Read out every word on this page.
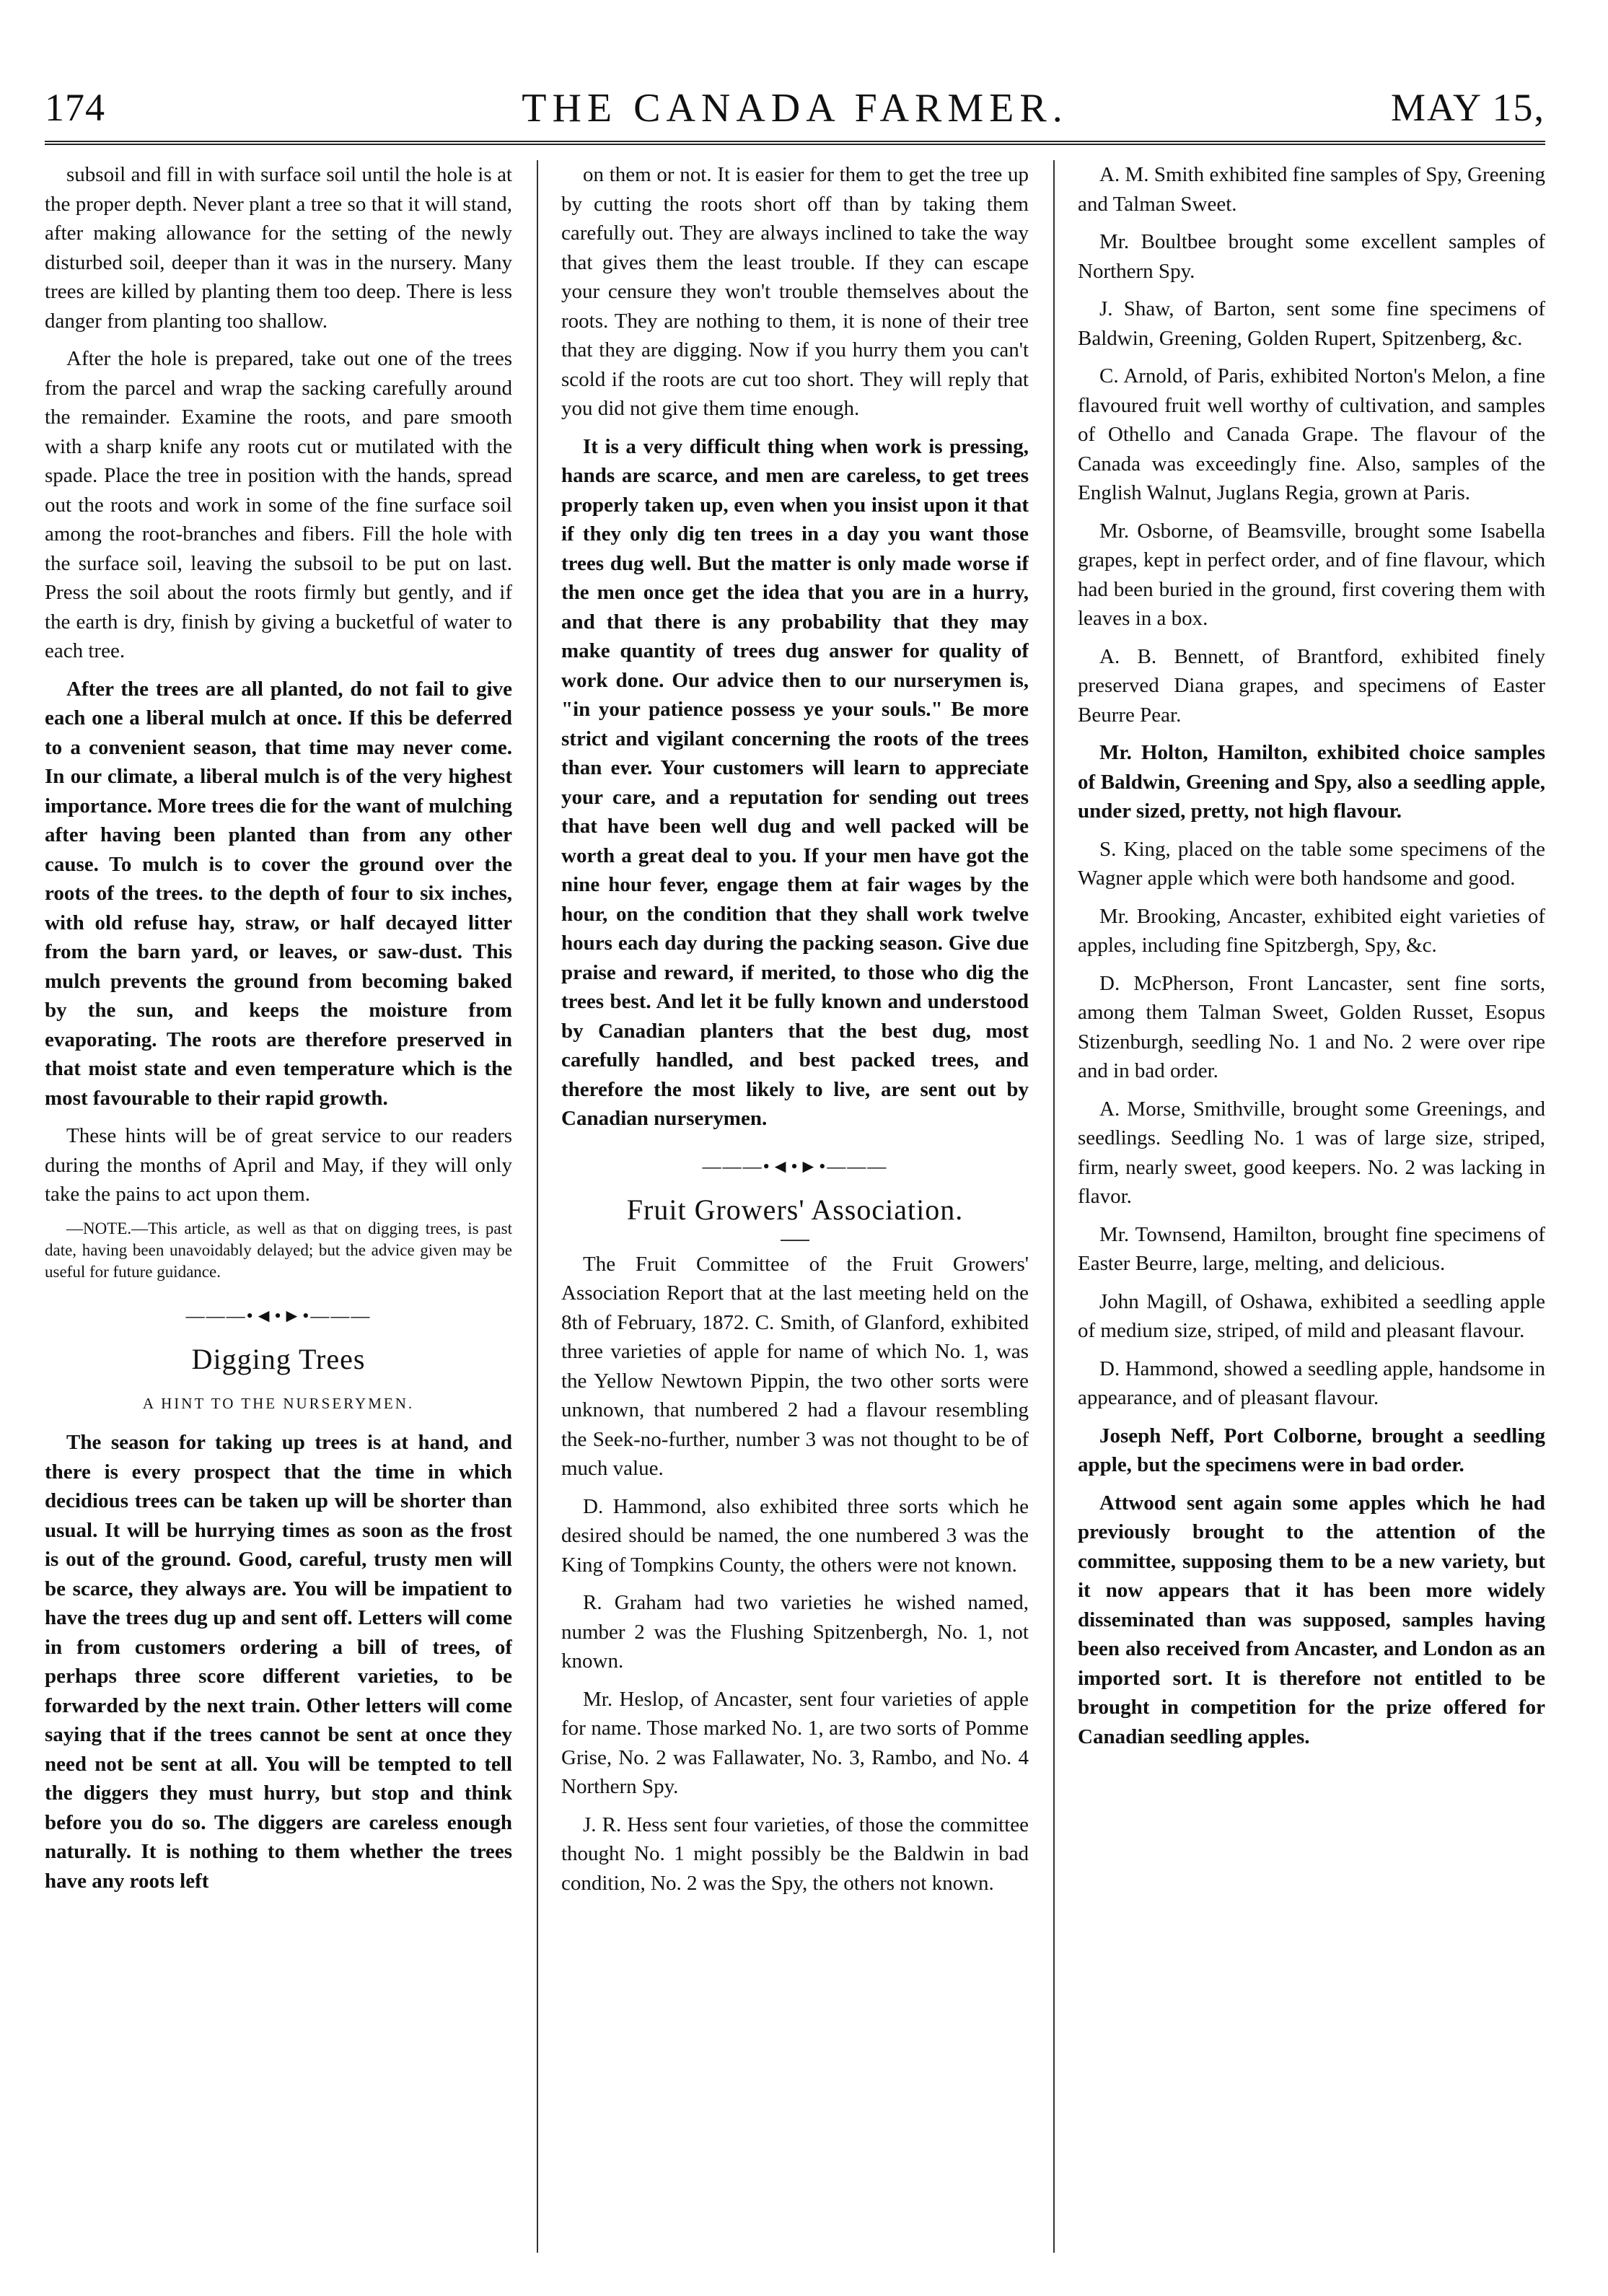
174	THE CANADA FARMER.	MAY 15,

subsoil and fill in with surface soil until the hole is at the proper depth. Never plant a tree so that it will stand, after making allowance for the setting of the newly disturbed soil, deeper than it was in the nursery. Many trees are killed by planting them too deep. There is less danger from planting too shallow.

After the hole is prepared, take out one of the trees from the parcel and wrap the sacking carefully around the remainder. Examine the roots, and pare smooth with a sharp knife any roots cut or mutilated with the spade. Place the tree in position with the hands, spread out the roots and work in some of the fine surface soil among the root-branches and fibers. Fill the hole with the surface soil, leaving the subsoil to be put on last. Press the soil about the roots firmly but gently, and if the earth is dry, finish by giving a bucketful of water to each tree.

After the trees are all planted, do not fail to give each one a liberal mulch at once. If this be deferred to a convenient season, that time may never come. In our climate, a liberal mulch is of the very highest importance. More trees die for the want of mulching after having been planted than from any other cause. To mulch is to cover the ground over the roots of the trees. to the depth of four to six inches, with old refuse hay, straw, or half decayed litter from the barn yard, or leaves, or saw-dust. This mulch prevents the ground from becoming baked by the sun, and keeps the moisture from evaporating. The roots are therefore preserved in that moist state and even temperature which is the most favourable to their rapid growth.

These hints will be of great service to our readers during the months of April and May, if they will only take the pains to act upon them.

—NOTE.—This article, as well as that on digging trees, is past date, having been unavoidably delayed; but the advice given may be useful for future guidance.

———•◄•►•———
Digging Trees
A HINT TO THE NURSERYMEN.

The season for taking up trees is at hand, and there is every prospect that the time in which decidious trees can be taken up will be shorter than usual. It will be hurrying times as soon as the frost is out of the ground. Good, careful, trusty men will be scarce, they always are. You will be impatient to have the trees dug up and sent off. Letters will come in from customers ordering a bill of trees, of perhaps three score different varieties, to be forwarded by the next train. Other letters will come saying that if the trees cannot be sent at once they need not be sent at all. You will be tempted to tell the diggers they must hurry, but stop and think before you do so. The diggers are careless enough naturally. It is nothing to them whether the trees have any roots left

on them or not. It is easier for them to get the tree up by cutting the roots short off than by taking them carefully out. They are always inclined to take the way that gives them the least trouble. If they can escape your censure they won't trouble themselves about the roots. They are nothing to them, it is none of their tree that they are digging. Now if you hurry them you can't scold if the roots are cut too short. They will reply that you did not give them time enough.

It is a very difficult thing when work is pressing, hands are scarce, and men are careless, to get trees properly taken up, even when you insist upon it that if they only dig ten trees in a day you want those trees dug well. But the matter is only made worse if the men once get the idea that you are in a hurry, and that there is any probability that they may make quantity of trees dug answer for quality of work done. Our advice then to our nurserymen is, "in your patience possess ye your souls." Be more strict and vigilant concerning the roots of the trees than ever. Your customers will learn to appreciate your care, and a reputation for sending out trees that have been well dug and well packed will be worth a great deal to you. If your men have got the nine hour fever, engage them at fair wages by the hour, on the condition that they shall work twelve hours each day during the packing season. Give due praise and reward, if merited, to those who dig the trees best. And let it be fully known and understood by Canadian planters that the best dug, most carefully handled, and best packed trees, and therefore the most likely to live, are sent out by Canadian nurserymen.

———•◄•►•———
Fruit Growers' Association.

The Fruit Committee of the Fruit Growers' Association Report that at the last meeting held on the 8th of February, 1872. C. Smith, of Glanford, exhibited three varieties of apple for name of which No. 1, was the Yellow Newtown Pippin, the two other sorts were unknown, that numbered 2 had a flavour resembling the Seek-no-further, number 3 was not thought to be of much value.

D. Hammond, also exhibited three sorts which he desired should be named, the one numbered 3 was the King of Tompkins County, the others were not known.

R. Graham had two varieties he wished named, number 2 was the Flushing Spitzenbergh, No. 1, not known.

Mr. Heslop, of Ancaster, sent four varieties of apple for name. Those marked No. 1, are two sorts of Pomme Grise, No. 2 was Fallawater, No. 3, Rambo, and No. 4 Northern Spy.

J. R. Hess sent four varieties, of those the committee thought No. 1 might possibly be the Baldwin in bad condition, No. 2 was the Spy, the others not known.

A. M. Smith exhibited fine samples of Spy, Greening and Talman Sweet.

Mr. Boultbee brought some excellent samples of Northern Spy.

J. Shaw, of Barton, sent some fine specimens of Baldwin, Greening, Golden Rupert, Spitzenberg, &c.

C. Arnold, of Paris, exhibited Norton's Melon, a fine flavoured fruit well worthy of cultivation, and samples of Othello and Canada Grape. The flavour of the Canada was exceedingly fine. Also, samples of the English Walnut, Juglans Regia, grown at Paris.

Mr. Osborne, of Beamsville, brought some Isabella grapes, kept in perfect order, and of fine flavour, which had been buried in the ground, first covering them with leaves in a box.

A. B. Bennett, of Brantford, exhibited finely preserved Diana grapes, and specimens of Easter Beurre Pear.

Mr. Holton, Hamilton, exhibited choice samples of Baldwin, Greening and Spy, also a seedling apple, under sized, pretty, not high flavour.

S. King, placed on the table some specimens of the Wagner apple which were both handsome and good.

Mr. Brooking, Ancaster, exhibited eight varieties of apples, including fine Spitzbergh, Spy, &c.

D. McPherson, Front Lancaster, sent fine sorts, among them Talman Sweet, Golden Russet, Esopus Stizenburgh, seedling No. 1 and No. 2 were over ripe and in bad order.

A. Morse, Smithville, brought some Greenings, and seedlings. Seedling No. 1 was of large size, striped, firm, nearly sweet, good keepers. No. 2 was lacking in flavor.

Mr. Townsend, Hamilton, brought fine specimens of Easter Beurre, large, melting, and delicious.

John Magill, of Oshawa, exhibited a seedling apple of medium size, striped, of mild and pleasant flavour.

D. Hammond, showed a seedling apple, handsome in appearance, and of pleasant flavour.

Joseph Neff, Port Colborne, brought a seedling apple, but the specimens were in bad order.

Attwood sent again some apples which he had previously brought to the attention of the committee, supposing them to be a new variety, but it now appears that it has been more widely disseminated than was supposed, samples having been also received from Ancaster, and London as an imported sort. It is therefore not entitled to be brought in competition for the prize offered for Canadian seedling apples.
